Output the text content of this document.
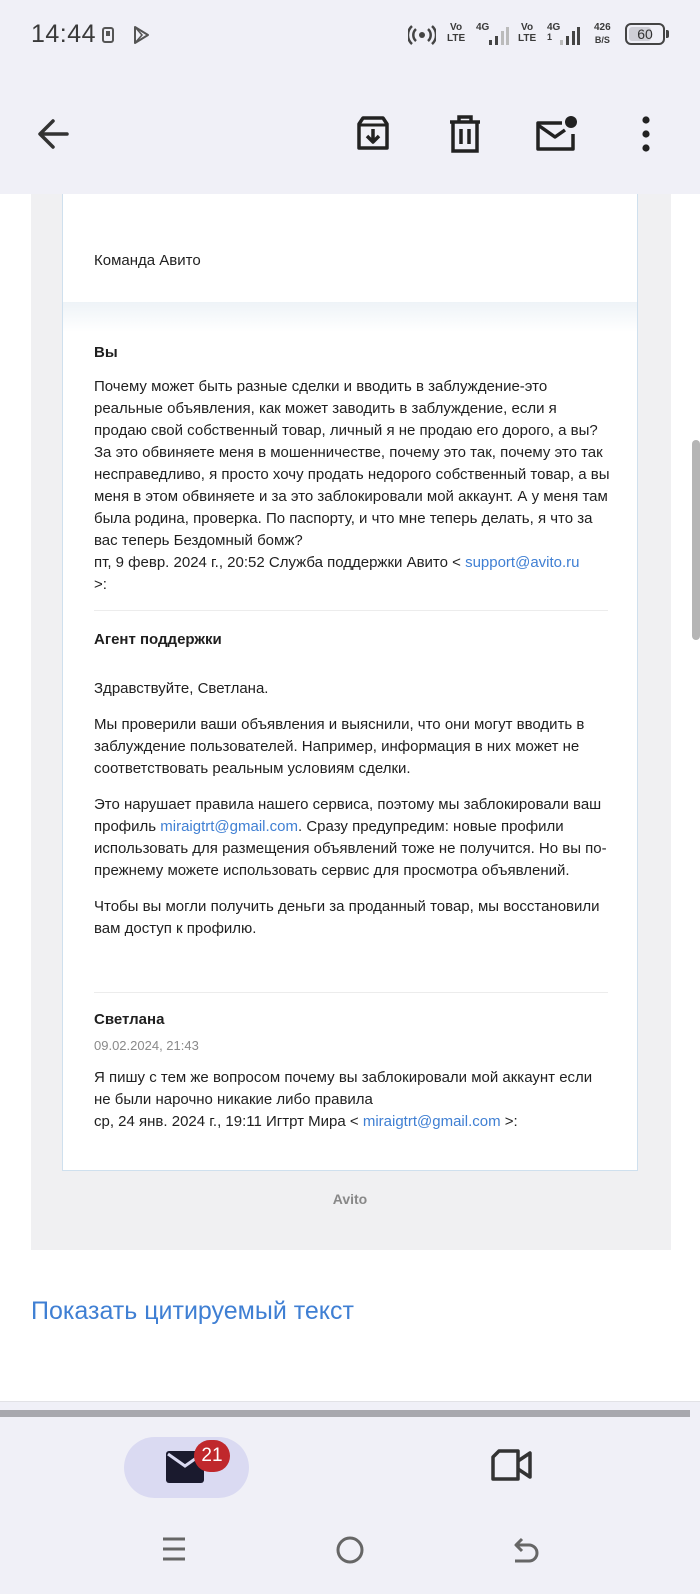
14:44	Vo
LTE
4G	Vo
LTE
4G
1
426
B/S	60
Команда Авито
Вы

Почему может быть разные сделки и вводить в заблуждение-это реальные объявления, как может заводить в заблуждение, если я продаю свой собственный товар, личный я не продаю его дорого, а вы? За это обвиняете меня в мошенничестве, почему это так, почему это так несправедливо, я просто хочу продать недорого собственный товар, а вы меня в этом обвиняете и за это заблокировали мой аккаунт. А у меня там была родина, проверка. По паспорту, и что мне теперь делать, я что за вас теперь Бездомный бомж?

пт, 9 февр. 2024 г., 20:52 Служба поддержки Авито < support@avito.ru
>:

Агент поддержки

Здравствуйте, Светлана.

Мы проверили ваши объявления и выяснили, что они могут вводить в заблуждение пользователей. Например, информация в них может не соответствовать реальным условиям сделки.

Это нарушает правила нашего сервиса, поэтому мы заблокировали ваш профиль miraigtrt@gmail.com. Сразу предупредим: новые профили использовать для размещения объявлений тоже не получится. Но вы по-прежнему можете использовать сервис для просмотра объявлений.

Чтобы вы могли получить деньги за проданный товар, мы восстановили вам доступ к профилю.

Светлана
09.02.2024, 21:43

Я пишу с тем же вопросом почему вы заблокировали мой аккаунт если не были нарочно никакие либо правила

ср, 24 янв. 2024 г., 19:11 Игтрт Мира < miraigtrt@gmail.com >:

Avito
Показать цитируемый текст
21
